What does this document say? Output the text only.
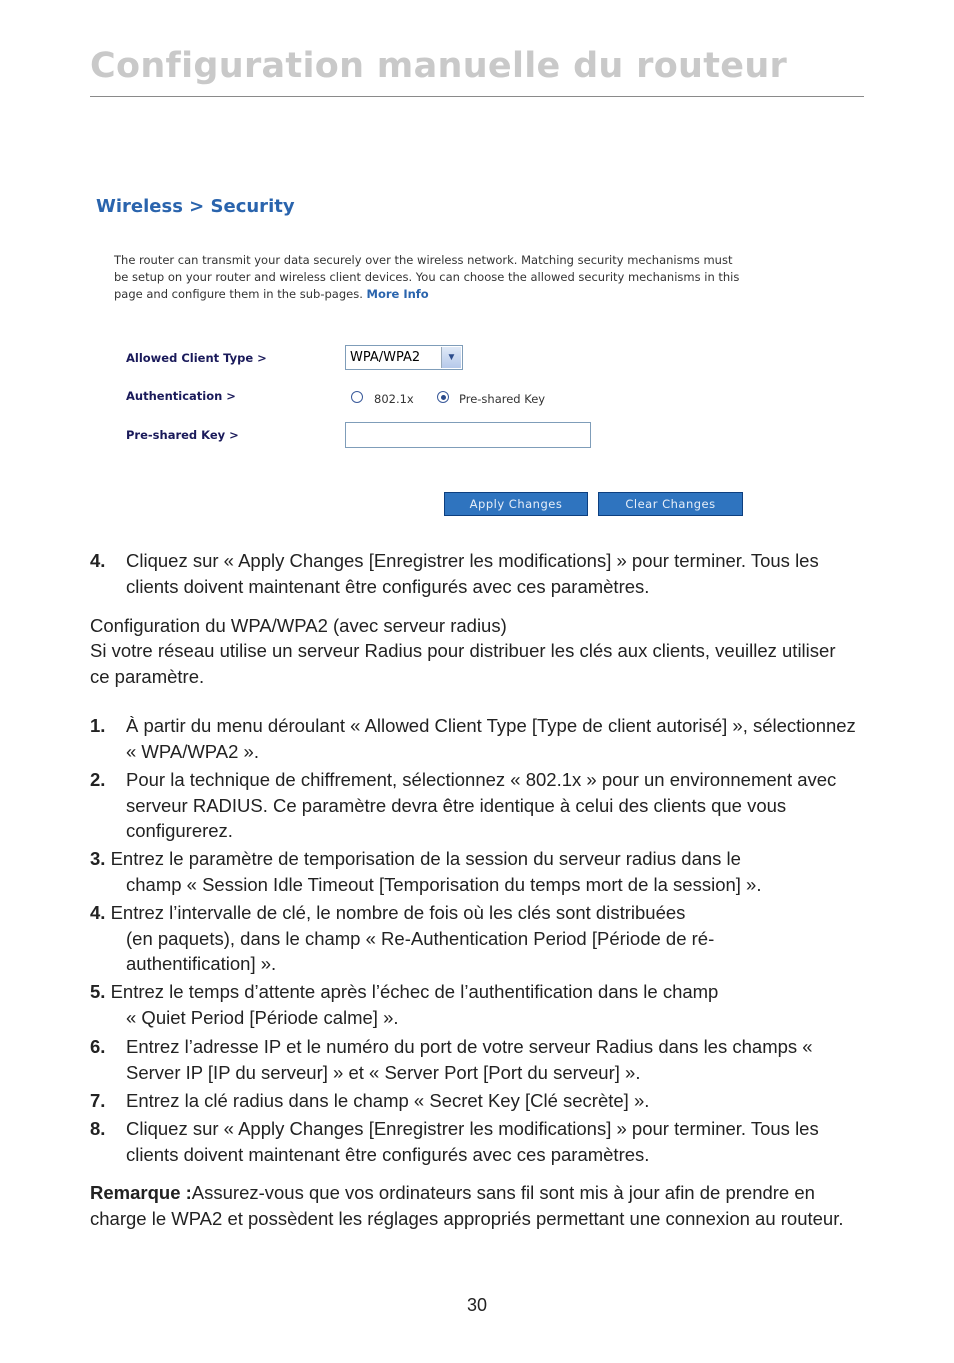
Configuration manuelle du routeur
Wireless > Security

The router can transmit your data securely over the wireless network. Matching security mechanisms must be setup on your router and wireless client devices. You can choose the allowed security mechanisms in this page and configure them in the sub-pages. More Info

Allowed Client Type >	WPA/WPA2	▼
Authentication >	802.1x	Pre-shared Key
Pre-shared Key >
Apply Changes	Clear Changes
4. Cliquez sur « Apply Changes [Enregistrer les modifications] » pour terminer. Tous les clients doivent maintenant être configurés avec ces paramètres.

Configuration du WPA/WPA2 (avec serveur radius)

Si votre réseau utilise un serveur Radius pour distribuer les clés aux clients, veuillez utiliser ce paramètre.

1. À partir du menu déroulant « Allowed Client Type [Type de client autorisé] », sélectionnez « WPA/WPA2 ».
2. Pour la technique de chiffrement, sélectionnez « 802.1x » pour un environnement avec serveur RADIUS. Ce paramètre devra être identique à celui des clients que vous configurerez.
3. Entrez le paramètre de temporisation de la session du serveur radius dans le
champ « Session Idle Timeout [Temporisation du temps mort de la session] ».
4. Entrez l’intervalle de clé, le nombre de fois où les clés sont distribuées
(en paquets), dans le champ « Re-Authentication Period [Période de ré-authentification] ».
5. Entrez le temps d’attente après l’échec de l’authentification dans le champ
« Quiet Period [Période calme] ».
6. Entrez l’adresse IP et le numéro du port de votre serveur Radius dans les champs « Server IP [IP du serveur] » et « Server Port [Port du serveur] ».
7. Entrez la clé radius dans le champ « Secret Key [Clé secrète] ».
8. Cliquez sur « Apply Changes [Enregistrer les modifications] » pour terminer. Tous les clients doivent maintenant être configurés avec ces paramètres.

Remarque :Assurez-vous que vos ordinateurs sans fil sont mis à jour afin de prendre en charge le WPA2 et possèdent les réglages appropriés permettant une connexion au routeur.

30
